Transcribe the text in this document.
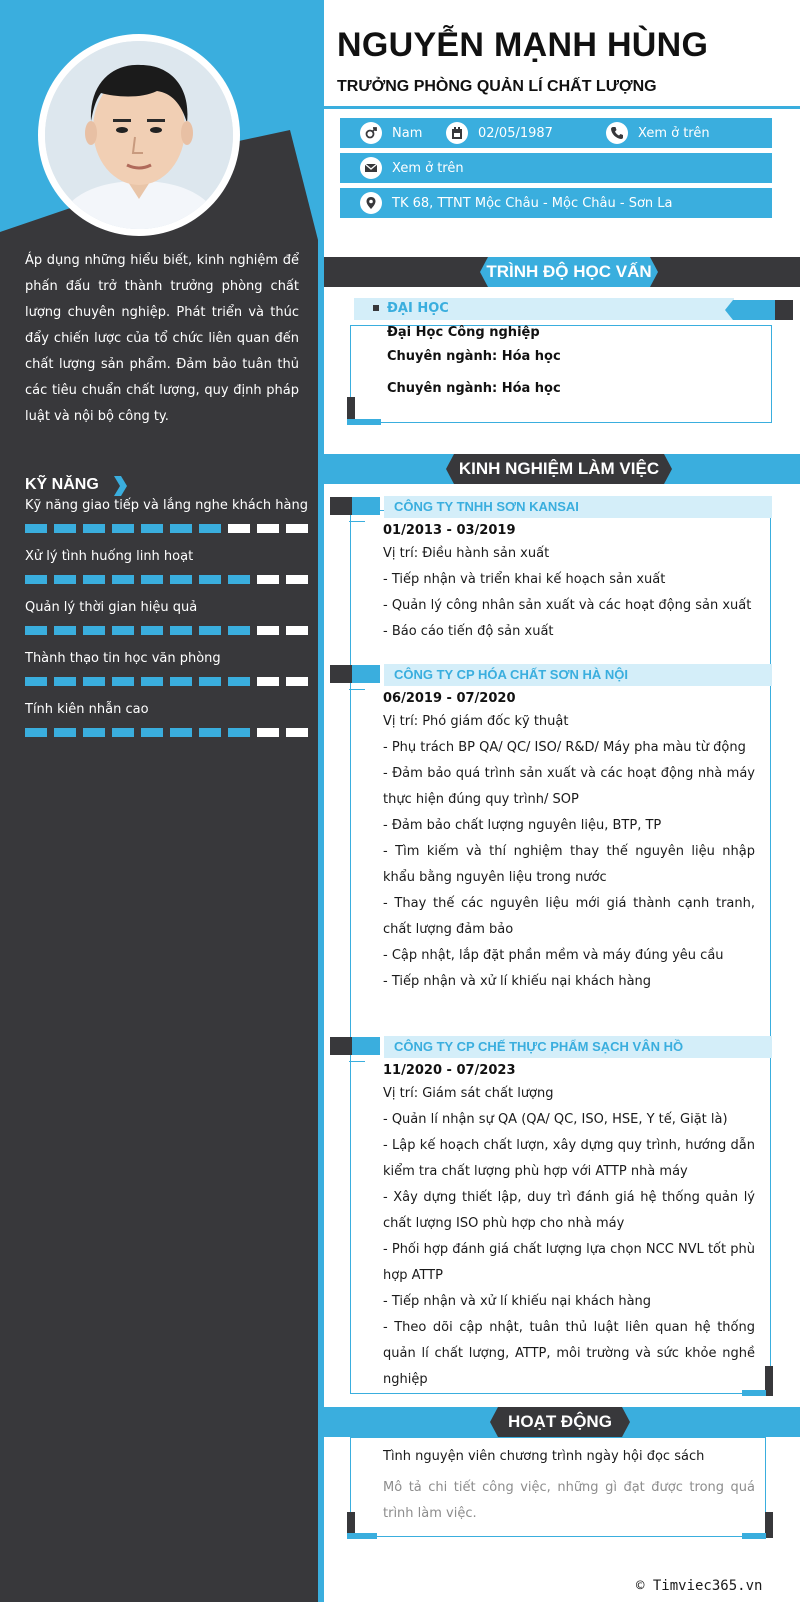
Áp dụng những hiểu biết, kinh nghiệm để phấn đấu trở thành trưởng phòng chất lượng chuyên nghiệp. Phát triển và thúc đẩy chiến lược của tổ chức liên quan đến chất lượng sản phẩm. Đảm bảo tuân thủ các tiêu chuẩn chất lượng, quy định pháp luật và nội bộ công ty.
KỸ NĂNG
Kỹ năng giao tiếp và lắng nghe khách hàng
Xử lý tình huống linh hoạt
Quản lý thời gian hiệu quả
Thành thạo tin học văn phòng
Tính kiên nhẫn cao
NGUYỄN MẠNH HÙNG
TRƯỞNG PHÒNG QUẢN LÍ CHẤT LƯỢNG
Nam	02/05/1987	Xem ở trên
Xem ở trên
TK 68, TTNT Mộc Châu - Mộc Châu - Sơn La
TRÌNH ĐỘ HỌC VẤN
ĐẠI HỌC
Đại Học Công nghiệp
Chuyên ngành: Hóa học
Chuyên ngành: Hóa học
KINH NGHIỆM LÀM VIỆC
CÔNG TY TNHH SƠN KANSAI
01/2013 - 03/2019
Vị trí: Điều hành sản xuất
- Tiếp nhận và triển khai kế hoạch sản xuất
- Quản lý công nhân sản xuất và các hoạt động sản xuất
- Báo cáo tiến độ sản xuất
CÔNG TY CP HÓA CHẤT SƠN HÀ NỘI
06/2019 - 07/2020
Vị trí: Phó giám đốc kỹ thuật
- Phụ trách BP QA/ QC/ ISO/ R&D/ Máy pha màu từ động
- Đảm bảo quá trình sản xuất và các hoạt động nhà máy thực hiện đúng quy trình/ SOP
- Đảm bảo chất lượng nguyên liệu, BTP, TP
- Tìm kiếm và thí nghiệm thay thế nguyên liệu nhập khẩu bằng nguyên liệu trong nước
- Thay thế các nguyên liệu mới giá thành cạnh tranh, chất lượng đảm bảo
- Cập nhật, lắp đặt phần mềm và máy đúng yêu cầu
- Tiếp nhận và xử lí khiếu nại khách hàng
CÔNG TY CP CHẾ THỰC PHẨM SẠCH VÂN HỒ
11/2020 - 07/2023
Vị trí: Giám sát chất lượng
- Quản lí nhận sự QA (QA/ QC, ISO, HSE, Y tế, Giặt là)
- Lập kế hoạch chất lượn, xây dựng quy trình, hướng dẫn kiểm tra chất lượng phù hợp với ATTP nhà máy
- Xây dựng thiết lập, duy trì đánh giá hệ thống quản lý chất lượng ISO phù hợp cho nhà máy
- Phối hợp đánh giá chất lượng lựa chọn NCC NVL tốt phù hợp ATTP
- Tiếp nhận và xử lí khiếu nại khách hàng
- Theo dõi cập nhật, tuân thủ luật liên quan hệ thống quản lí chất lượng, ATTP, môi trường và sức khỏe nghề nghiệp
HOẠT ĐỘNG
Tình nguyện viên chương trình ngày hội đọc sách
Mô tả chi tiết công việc, những gì đạt được trong quá trình làm việc.
© Timviec365.vn
